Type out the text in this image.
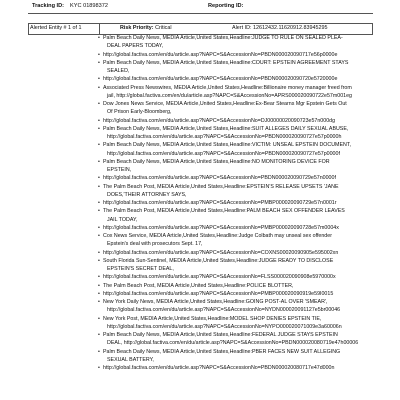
Tracking ID: KYC 01898372	Reporting ID:
Alerted Entity # 1 of 1	Risk Priority: Critical	Alert ID: 12612432.11620912.83945295
• Palm Beach Daily News, MEDIA Article,United States,Headline:JUDGE TO RULE ON SEALED PLEA-
DEAL PAPERS TODAY,
• http://global.factiva.com/en/du/article.asp?NAPC=S&AccessionNo=PBDN000020090717e56p0000e
• Palm Beach Daily News, MEDIA Article,United States,Headline:COURT: EPSTEIN AGREEMENT STAYS
SEALED,
• http://global.factiva.com/en/du/article.asp?NAPC=S&AccessionNo=PBDN000020090720e5720000e
• Associated Press Newswires, MEDIA Article,United States,Headline:Billionaire money manager freed from
jail, http://global.factiva.com/en/du/article.asp?NAPC=S&AccessionNo=APRS000020090722e57m001eg
• Dow Jones News Service, MEDIA Article,United States,Headline:Ex-Bear Stearns Mgr Epstein Gets Out
Of Prison Early-Bloomberg,
• http://global.factiva.com/en/du/article.asp?NAPC=S&AccessionNo=DJ00000020090723e57n000dg
• Palm Beach Daily News, MEDIA Article,United States,Headline:SUIT ALLEGES DAILY SEXUAL ABUSE,
http://global.factiva.com/en/du/article.asp?NAPC=S&AccessionNo=PBDN000020090727e57p0000h
• Palm Beach Daily News, MEDIA Article,United States,Headline:VICTIM: UNSEAL EPSTEIN DOCUMENT,
http://global.factiva.com/en/du/article.asp?NAPC=S&AccessionNo=PBDN000020090727e57p0000f
• Palm Beach Daily News, MEDIA Article,United States,Headline:NO MONITORING DEVICE FOR
EPSTEIN,
• http://global.factiva.com/en/du/article.asp?NAPC=S&AccessionNo=PBDN000020090729e57n0000f
• The Palm Beach Post, MEDIA Article,United States,Headline:EPSTEIN'S RELEASE UPSETS 'JANE
DOES,'THEIR ATTORNEY SAYS,
• http://global.factiva.com/en/du/article.asp?NAPC=S&AccessionNo=PMBP000020090729e57n0001r
• The Palm Beach Post, MEDIA Article,United States,Headline:PALM BEACH SEX OFFENDER LEAVES
JAIL TODAY,
• http://global.factiva.com/en/du/article.asp?NAPC=S&AccessionNo=PMBP000020090728e57m0004x
• Cox News Service, MEDIA Article,United States,Headline:Judge Colbath may unseal sex offender
Epstein's deal with prosecutors Sept. 17,
• http://global.factiva.com/en/du/article.asp?NAPC=S&AccessionNo=COXNS00020090905e595002xn
• South Florida Sun-Sentinel, MEDIA Article,United States,Headline:JUDGE READY TO DISCLOSE
EPSTEIN'S SECRET DEAL,
• http://global.factiva.com/en/du/article.asp?NAPC=S&AccessionNo=FLSS000020090908e5970000x
• The Palm Beach Post, MEDIA Article,United States,Headline:POLICE BLOTTER,
• http://global.factiva.com/en/du/article.asp?NAPC=S&AccessionNo=PMBP000020090919e59I0015
• New York Daily News, MEDIA Article,United States,Headline:GOING POST-AL OVER 'SMEAR',
http://global.factiva.com/en/du/article.asp?NAPC=S&AccessionNo=NYDN000020091127e5br00046
• New York Post, MEDIA Article,United States,Headline:MODEL SHOP DENIES EPSTEIN TIE,
http://global.factiva.com/en/du/article.asp?NAPC=S&AccessionNo=NYPO000020071009e3a60006n
• Palm Beach Daily News, MEDIA Article,United States,Headline:FEDERAL JUDGE STAYS EPSTEIN
DEAL, http://global.factiva.com/en/du/article.asp?NAPC=S&AccessionNo=PBDN000020080719e47h00006
• Palm Beach Daily News, MEDIA Article,United States,Headline:PBER FACES NEW SUIT ALLEGING
SEXUAL BATTERY,
• http://global.factiva.com/en/du/article.asp?NAPC=S&AccessionNo=PBDN000020080717e47d000n
